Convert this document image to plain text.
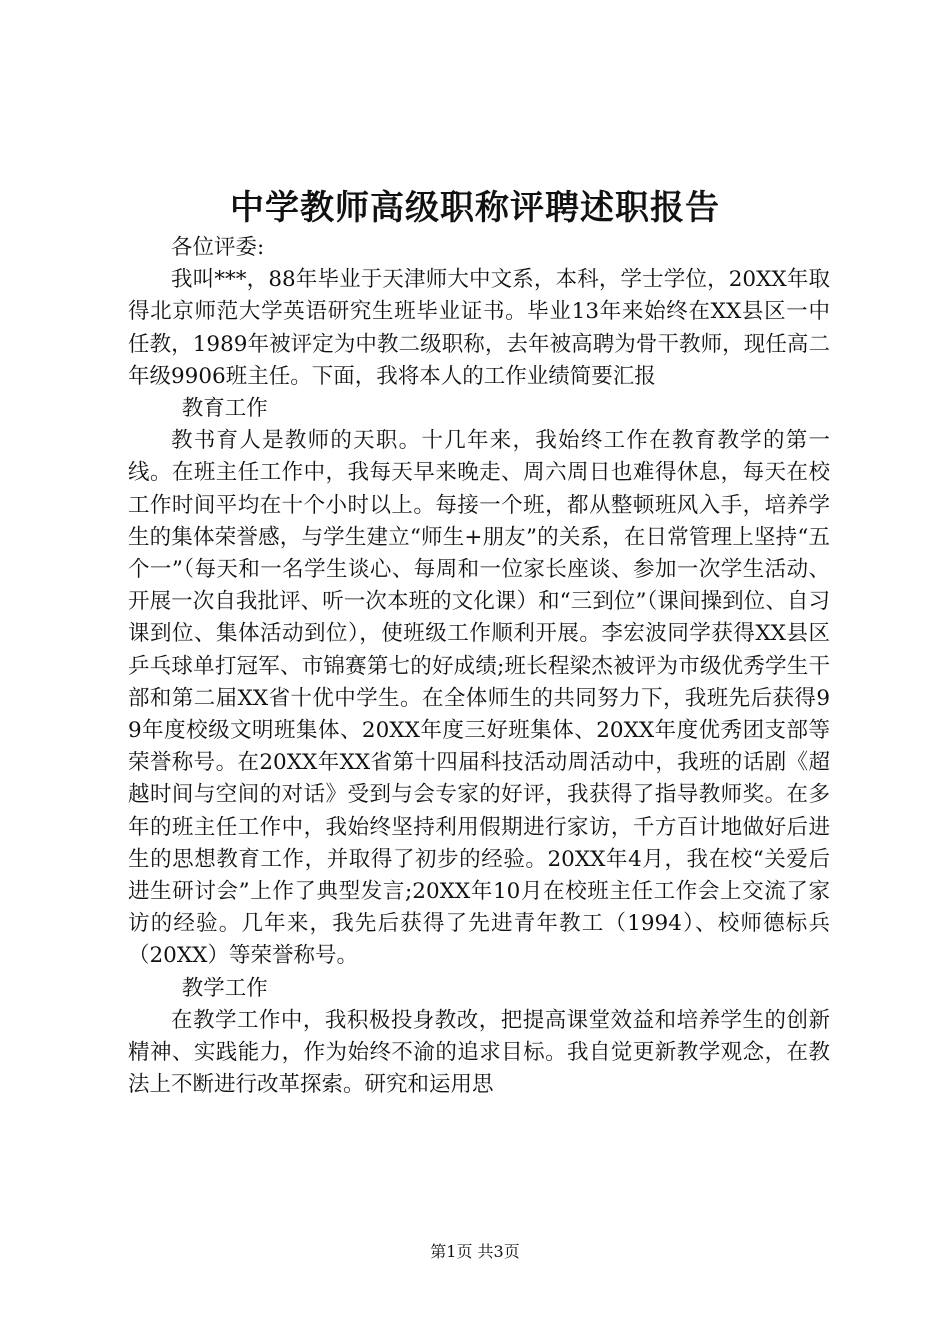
中学教师高级职称评聘述职报告

各位评委:

我叫***，88年毕业于天津师大中文系，本科，学士学位，20XX年取得北京师范大学英语研究生班毕业证书。毕业13年来始终在XX县区一中任教，1989年被评定为中教二级职称，去年被高聘为骨干教师，现任高二年级9906班主任。下面，我将本人的工作业绩简要汇报

教育工作

教书育人是教师的天职。十几年来，我始终工作在教育教学的第一线。在班主任工作中，我每天早来晚走、周六周日也难得休息，每天在校工作时间平均在十个小时以上。每接一个班，都从整顿班风入手，培养学生的集体荣誉感，与学生建立“师生+朋友”的关系，在日常管理上坚持“五个一”（每天和一名学生谈心、每周和一位家长座谈、参加一次学生活动、开展一次自我批评、听一次本班的文化课）和“三到位”（课间操到位、自习课到位、集体活动到位），使班级工作顺利开展。李宏波同学获得XX县区乒乓球单打冠军、市锦赛第七的好成绩;班长程梁杰被评为市级优秀学生干部和第二届XX省十优中学生。在全体师生的共同努力下，我班先后获得99年度校级文明班集体、20XX年度三好班集体、20XX年度优秀团支部等荣誉称号。在20XX年XX省第十四届科技活动周活动中，我班的话剧《超越时间与空间的对话》受到与会专家的好评，我获得了指导教师奖。在多年的班主任工作中，我始终坚持利用假期进行家访，千方百计地做好后进生的思想教育工作，并取得了初步的经验。20XX年4月，我在校“关爱后进生研讨会”上作了典型发言;20XX年10月在校班主任工作会上交流了家访的经验。几年来，我先后获得了先进青年教工（1994）、校师德标兵（20XX）等荣誉称号。

教学工作

在教学工作中，我积极投身教改，把提高课堂效益和培养学生的创新精神、实践能力，作为始终不渝的追求目标。我自觉更新教学观念，在教法上不断进行改革探索。研究和运用思

第1页 共3页
